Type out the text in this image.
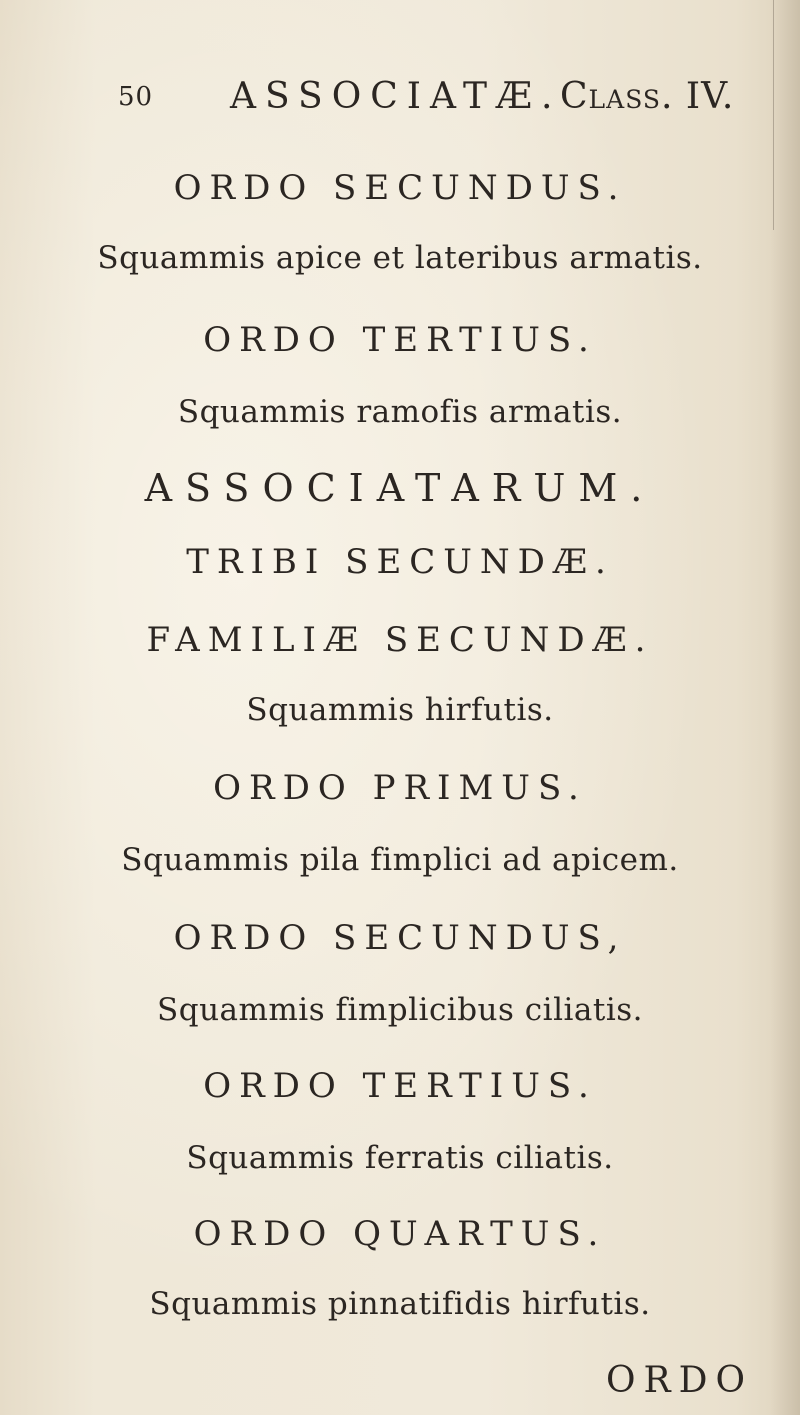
50 ASSOCIATÆ.
Class. IV.
ORDO SECUNDUS.
Squammis apice et lateribus armatis.
ORDO TERTIUS.
Squammis ramofis armatis.
ASSOCIATARUM.
TRIBI SECUNDÆ.
FAMILIÆ SECUNDÆ.
Squammis hirfutis.
ORDO PRIMUS.
Squammis pila fimplici ad apicem.
ORDO SECUNDUS,
Squammis fimplicibus ciliatis.
ORDO TERTIUS.
Squammis ferratis ciliatis.
ORDO QUARTUS.
Squammis pinnatifidis hirfutis.
ORDO
